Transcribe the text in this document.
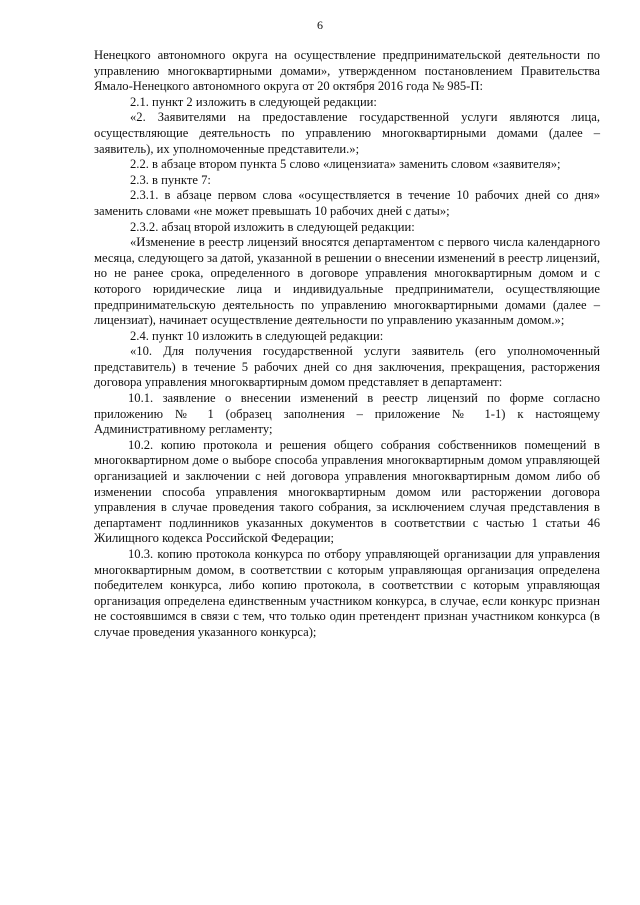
6

Ненецкого автономного округа на осуществление предпринимательской деятельности по управлению многоквартирными домами», утвержденном постановлением Правительства Ямало-Ненецкого автономного округа от 20 октября 2016 года № 985-П:

2.1. пункт 2 изложить в следующей редакции:

«2. Заявителями на предоставление государственной услуги являются лица, осуществляющие деятельность по управлению многоквартирными домами (далее – заявитель), их уполномоченные представители.»;

2.2. в абзаце втором пункта 5 слово «лицензиата» заменить словом «заявителя»;

2.3. в пункте 7:

2.3.1. в абзаце первом слова «осуществляется в течение 10 рабочих дней со дня» заменить словами «не может превышать 10 рабочих дней с даты»;

2.3.2. абзац второй изложить в следующей редакции:

«Изменение в реестр лицензий вносятся департаментом с первого числа календарного месяца, следующего за датой, указанной в решении о внесении изменений в реестр лицензий, но не ранее срока, определенного в договоре управления многоквартирным домом и с которого юридические лица и индивидуальные предприниматели, осуществляющие предпринимательскую деятельность по управлению многоквартирными домами (далее – лицензиат), начинает осуществление деятельности по управлению указанным домом.»;

2.4. пункт 10 изложить в следующей редакции:

«10. Для получения государственной услуги заявитель (его уполномоченный представитель) в течение 5 рабочих дней со дня заключения, прекращения, расторжения договора управления многоквартирным домом представляет в департамент:

10.1. заявление о внесении изменений в реестр лицензий по форме согласно приложению № 1 (образец заполнения – приложение № 1-1) к настоящему Административному регламенту;

10.2. копию протокола и решения общего собрания собственников помещений в многоквартирном доме о выборе способа управления многоквартирным домом управляющей организацией и заключении с ней договора управления многоквартирным домом либо об изменении способа управления многоквартирным домом или расторжении договора управления в случае проведения такого собрания, за исключением случая представления в департамент подлинников указанных документов в соответствии с частью 1 статьи 46 Жилищного кодекса Российской Федерации;

10.3. копию протокола конкурса по отбору управляющей организации для управления многоквартирным домом, в соответствии с которым управляющая организация определена победителем конкурса, либо копию протокола, в соответствии с которым управляющая организация определена единственным участником конкурса, в случае, если конкурс признан не состоявшимся в связи с тем, что только один претендент признан участником конкурса (в случае проведения указанного конкурса);
